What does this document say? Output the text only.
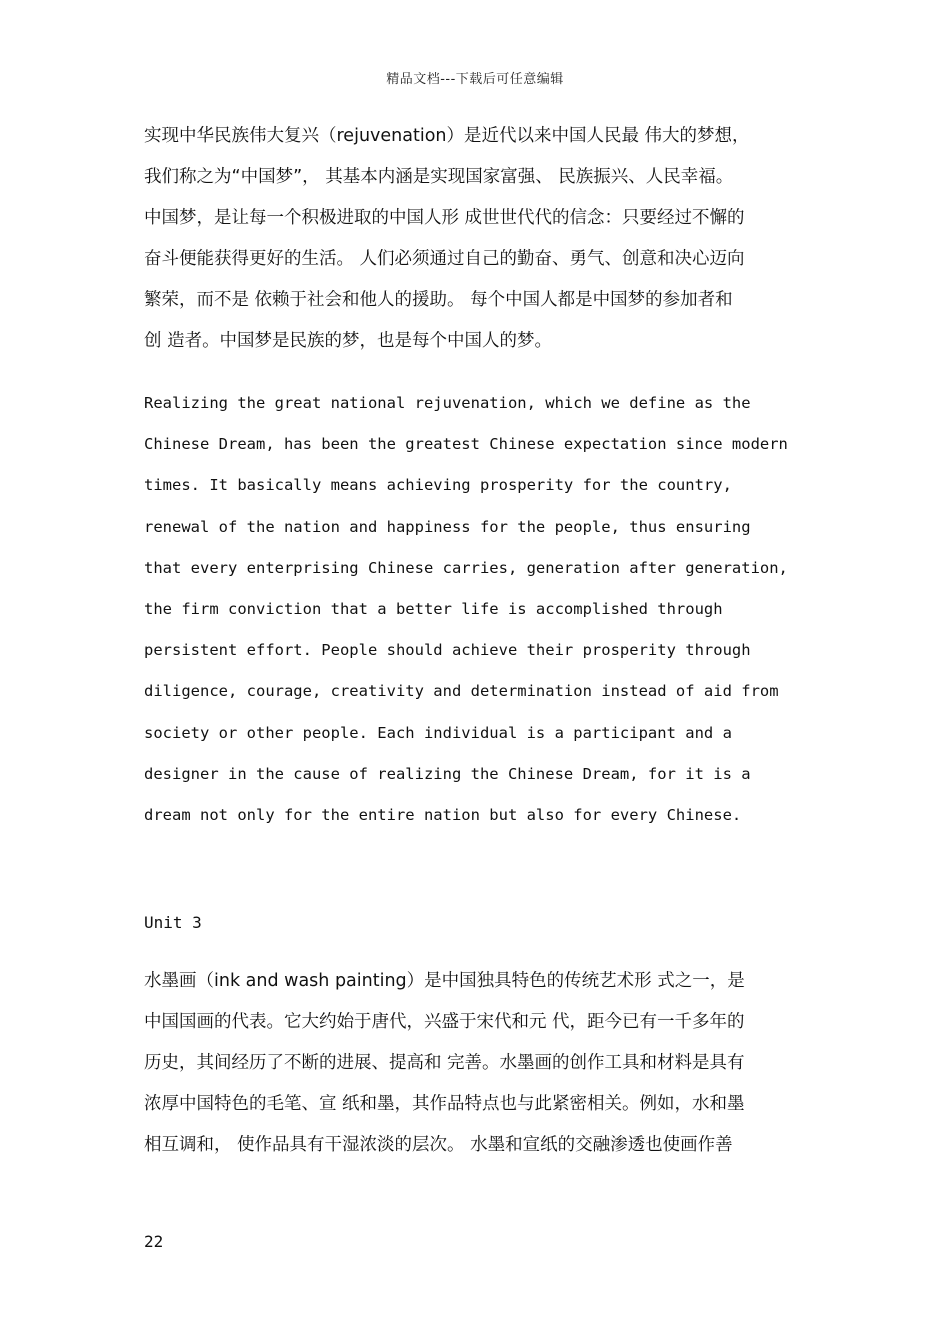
精品文档---下载后可任意编辑
实现中华民族伟大复兴（rejuvenation）是近代以来中国人民最 伟大的梦想，
我们称之为“中国梦”， 其基本内涵是实现国家富强、 民族振兴、人民幸福。
中国梦，是让每一个积极进取的中国人形 成世世代代的信念：只要经过不懈的
奋斗便能获得更好的生活。 人们必须通过自己的勤奋、勇气、创意和决心迈向
繁荣，而不是 依赖于社会和他人的援助。 每个中国人都是中国梦的参加者和
创 造者。中国梦是民族的梦，也是每个中国人的梦。
Realizing the great national rejuvenation, which we define as the
Chinese Dream, has been the greatest Chinese expectation since modern
times. It basically means achieving prosperity for the country,
renewal of the nation and happiness for the people, thus ensuring
that every enterprising Chinese carries, generation after generation,
the firm conviction that a better life is accomplished through
persistent effort. People should achieve their prosperity through
diligence, courage, creativity and determination instead of aid from
society or other people. Each individual is a participant and a
designer in the cause of realizing the Chinese Dream, for it is a
dream not only for the entire nation but also for every Chinese.
Unit 3
水墨画（ink and wash painting）是中国独具特色的传统艺术形 式之一，是
中国国画的代表。它大约始于唐代，兴盛于宋代和元 代，距今已有一千多年的
历史，其间经历了不断的进展、提高和 完善。水墨画的创作工具和材料是具有
浓厚中国特色的毛笔、宣 纸和墨，其作品特点也与此紧密相关。例如，水和墨
相互调和， 使作品具有干湿浓淡的层次。 水墨和宣纸的交融渗透也使画作善
22
